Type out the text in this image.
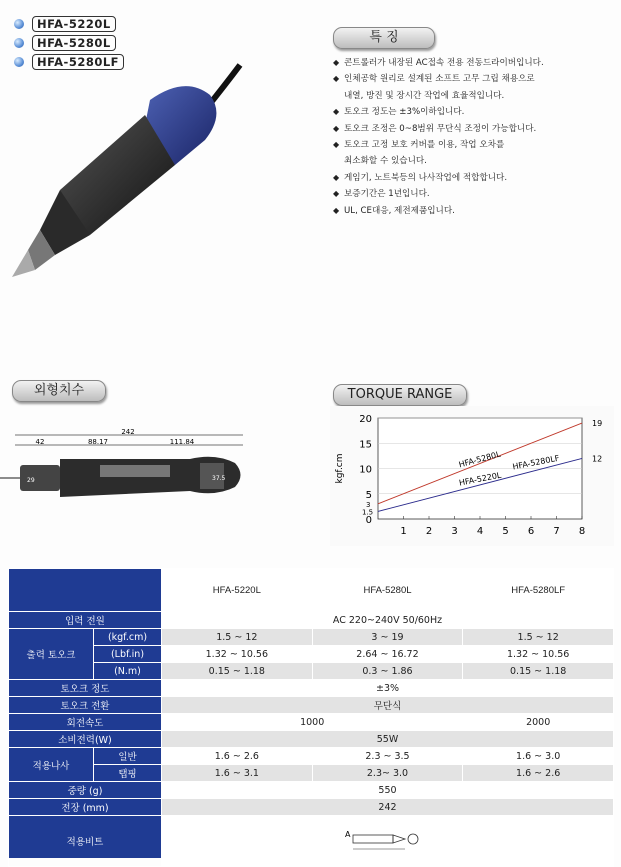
HFA-5220L
HFA-5280L
HFA-5280LF
특 징
◆ 콘트롤러가 내장된 AC접속 전용 전동드라이버입니다.
◆ 인체공학 원리로 설계된 소프트 고무 그립 채용으로
내열, 방진 및 장시간 작업에 효율적입니다.
◆ 토오크 정도는 ±3%이하입니다.
◆ 토오크 조정은 0~8범위 무단식 조정이 가능합니다.
◆ 토오크 고정 보호 커버를 이용, 작업 오차를
최소화할 수 있습니다.
◆ 게임기, 노트북등의 나사작업에 적합합니다.
◆ 보증기간은 1년입니다.
◆ UL, CE대응, 제전제품입니다.
외형치수
242
42	88.17	111.84
29	37.5
TORQUE RANGE
0
5
10
15
20
1 2 3 4 5 6 7 8
kgf.cm
19
12
HFA-5280L
HFA-5220L
HFA-5280LF
3
1.5
		HFA-5220L	HFA-5280L	HFA-5280LF
입력 전원		AC 220~240V 50/60Hz		
출력 토오크	(kgf.cm)	1.5 ~ 12	3 ~ 19	1.5 ~ 12
	(Lbf.in)	1.32 ~ 10.56	2.64 ~ 16.72	1.32 ~ 10.56
	(N.m)	0.15 ~ 1.18	0.3 ~ 1.86	0.15 ~ 1.18
토오크 정도		±3%		
토오크 전환		무단식		
회전속도		1000		2000
소비전력(W)		55W		
적용나사	일반	1.6 ~ 2.6	2.3 ~ 3.5	1.6 ~ 3.0
	탭핑	1.6 ~ 3.1	2.3~ 3.0	1.6 ~ 2.6
중량 (g)		550		
전장 (mm)		242		
적용비트		A		
